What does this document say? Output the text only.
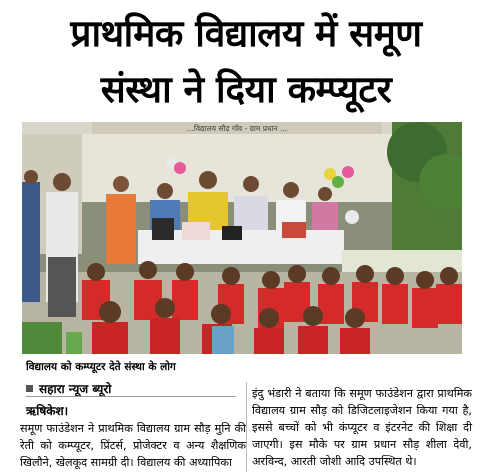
प्राथमिक विद्यालय में समूण
संस्था ने दिया कम्प्यूटर
...विद्यालय सौड़ गाँव - ग्राम प्रधान ...
विद्यालय को कम्प्यूटर देते संस्था के लोग
सहारा न्यूज ब्यूरो
ऋषिकेश।
समूण फाउंडेशन ने प्राथमिक विद्यालय ग्राम सौड़ मुनि की रेती को कम्प्यूटर, प्रिंटर्स, प्रोजेक्टर व अन्य शैक्षणिक खिलौने, खेलकूद सामग्री दी। विद्यालय की अध्यापिका
इंदु भंडारी ने बताया कि समूण फाउंडेशन द्वारा प्राथमिक विद्यालय ग्राम सौड़ को डिजिटलाइजेशन किया गया है, इससे बच्चों को भी कंप्यूटर व इंटरनेट की शिक्षा दी जाएगी। इस मौके पर ग्राम प्रधान सौड़ शीला देवी, अरविन्द, आरती जोशी आदि उपस्थित थे।
